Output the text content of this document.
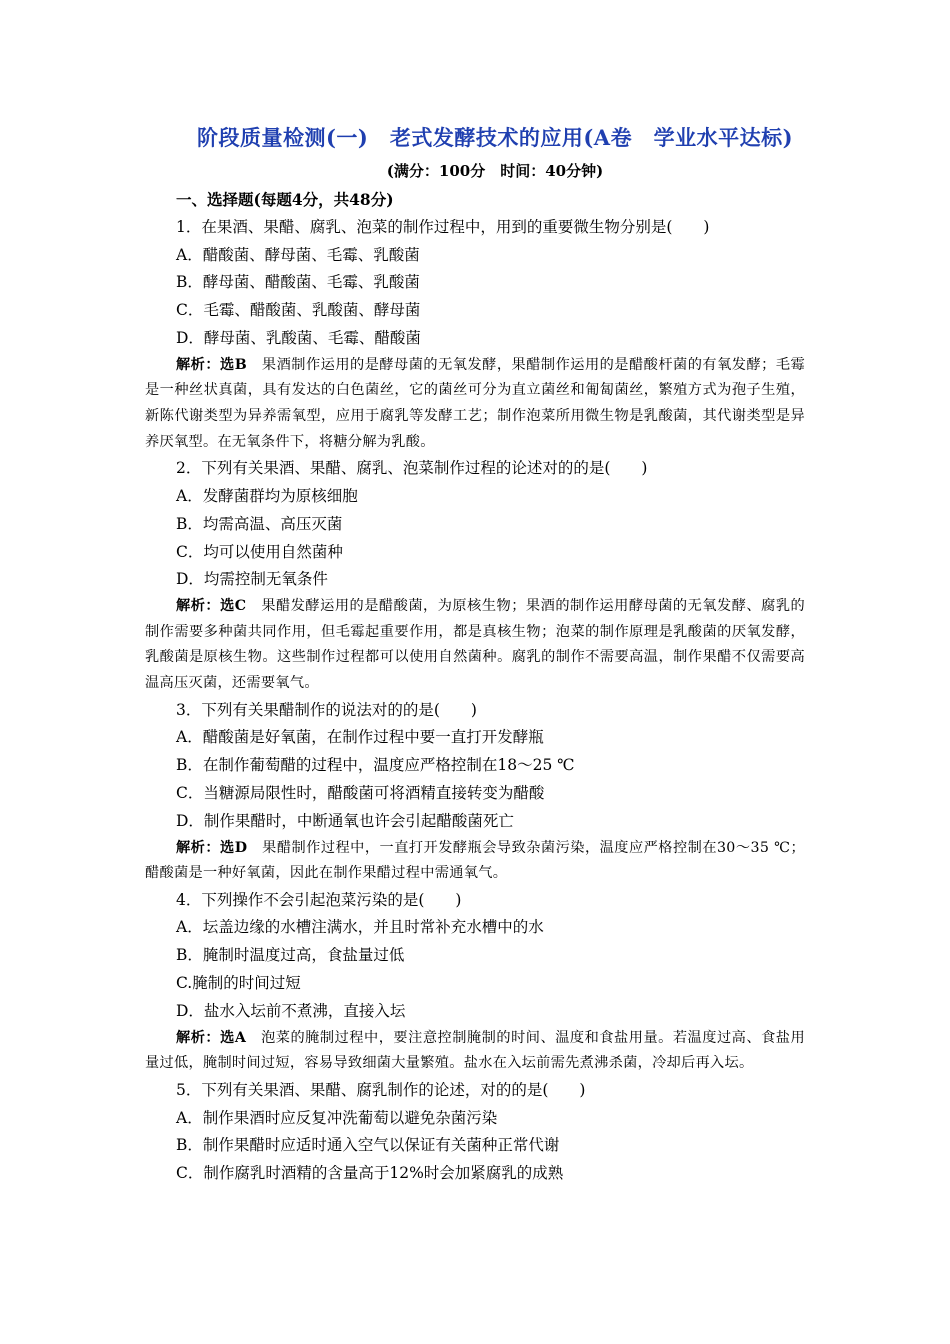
阶段质量检测(一)　老式发酵技术的应用(A卷　学业水平达标)
(满分：100分　时间：40分钟)
一、选择题(每题4分，共48分)
1．在果酒、果醋、腐乳、泡菜的制作过程中，用到的重要微生物分别是(　　)
A．醋酸菌、酵母菌、毛霉、乳酸菌
B．酵母菌、醋酸菌、毛霉、乳酸菌
C．毛霉、醋酸菌、乳酸菌、酵母菌
D．酵母菌、乳酸菌、毛霉、醋酸菌
解析：选B　果酒制作运用的是酵母菌的无氧发酵，果醋制作运用的是醋酸杆菌的有氧发酵；毛霉是一种丝状真菌，具有发达的白色菌丝，它的菌丝可分为直立菌丝和匍匐菌丝，繁殖方式为孢子生殖，新陈代谢类型为异养需氧型，应用于腐乳等发酵工艺；制作泡菜所用微生物是乳酸菌，其代谢类型是异养厌氧型。在无氧条件下，将糖分解为乳酸。
2．下列有关果酒、果醋、腐乳、泡菜制作过程的论述对的的是(　　)
A．发酵菌群均为原核细胞
B．均需高温、高压灭菌
C．均可以使用自然菌种
D．均需控制无氧条件
解析：选C　果醋发酵运用的是醋酸菌，为原核生物；果酒的制作运用酵母菌的无氧发酵、腐乳的制作需要多种菌共同作用，但毛霉起重要作用，都是真核生物；泡菜的制作原理是乳酸菌的厌氧发酵，乳酸菌是原核生物。这些制作过程都可以使用自然菌种。腐乳的制作不需要高温，制作果醋不仅需要高温高压灭菌，还需要氧气。
3．下列有关果醋制作的说法对的的是(　　)
A．醋酸菌是好氧菌，在制作过程中要一直打开发酵瓶
B．在制作葡萄醋的过程中，温度应严格控制在18～25 ℃
C．当糖源局限性时，醋酸菌可将酒精直接转变为醋酸
D．制作果醋时，中断通氧也许会引起醋酸菌死亡
解析：选D　果醋制作过程中，一直打开发酵瓶会导致杂菌污染，温度应严格控制在30～35 ℃；醋酸菌是一种好氧菌，因此在制作果醋过程中需通氧气。
4．下列操作不会引起泡菜污染的是(　　)
A．坛盖边缘的水槽注满水，并且时常补充水槽中的水
B．腌制时温度过高，食盐量过低
C.腌制的时间过短
D．盐水入坛前不煮沸，直接入坛
解析：选A　泡菜的腌制过程中，要注意控制腌制的时间、温度和食盐用量。若温度过高、食盐用量过低，腌制时间过短，容易导致细菌大量繁殖。盐水在入坛前需先煮沸杀菌，冷却后再入坛。
5．下列有关果酒、果醋、腐乳制作的论述，对的的是(　　)
A．制作果酒时应反复冲洗葡萄以避免杂菌污染
B．制作果醋时应适时通入空气以保证有关菌种正常代谢
C．制作腐乳时酒精的含量高于12%时会加紧腐乳的成熟
